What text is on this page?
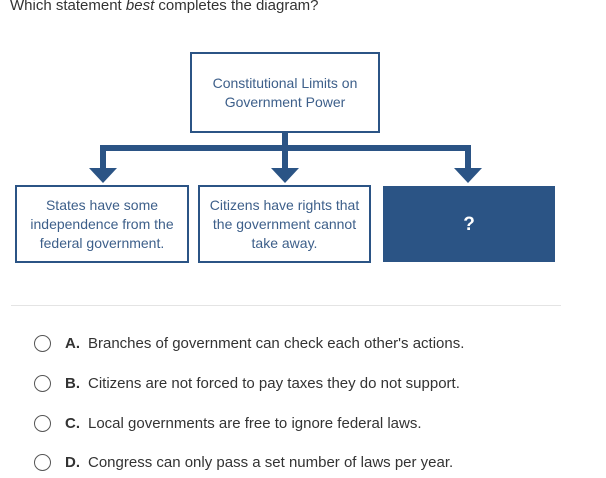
Which statement best completes the diagram?
Constitutional Limits on Government Power
States have some independence from the federal government.
Citizens have rights that the government cannot take away.
?
A. Branches of government can check each other's actions.
B. Citizens are not forced to pay taxes they do not support.
C. Local governments are free to ignore federal laws.
D. Congress can only pass a set number of laws per year.
